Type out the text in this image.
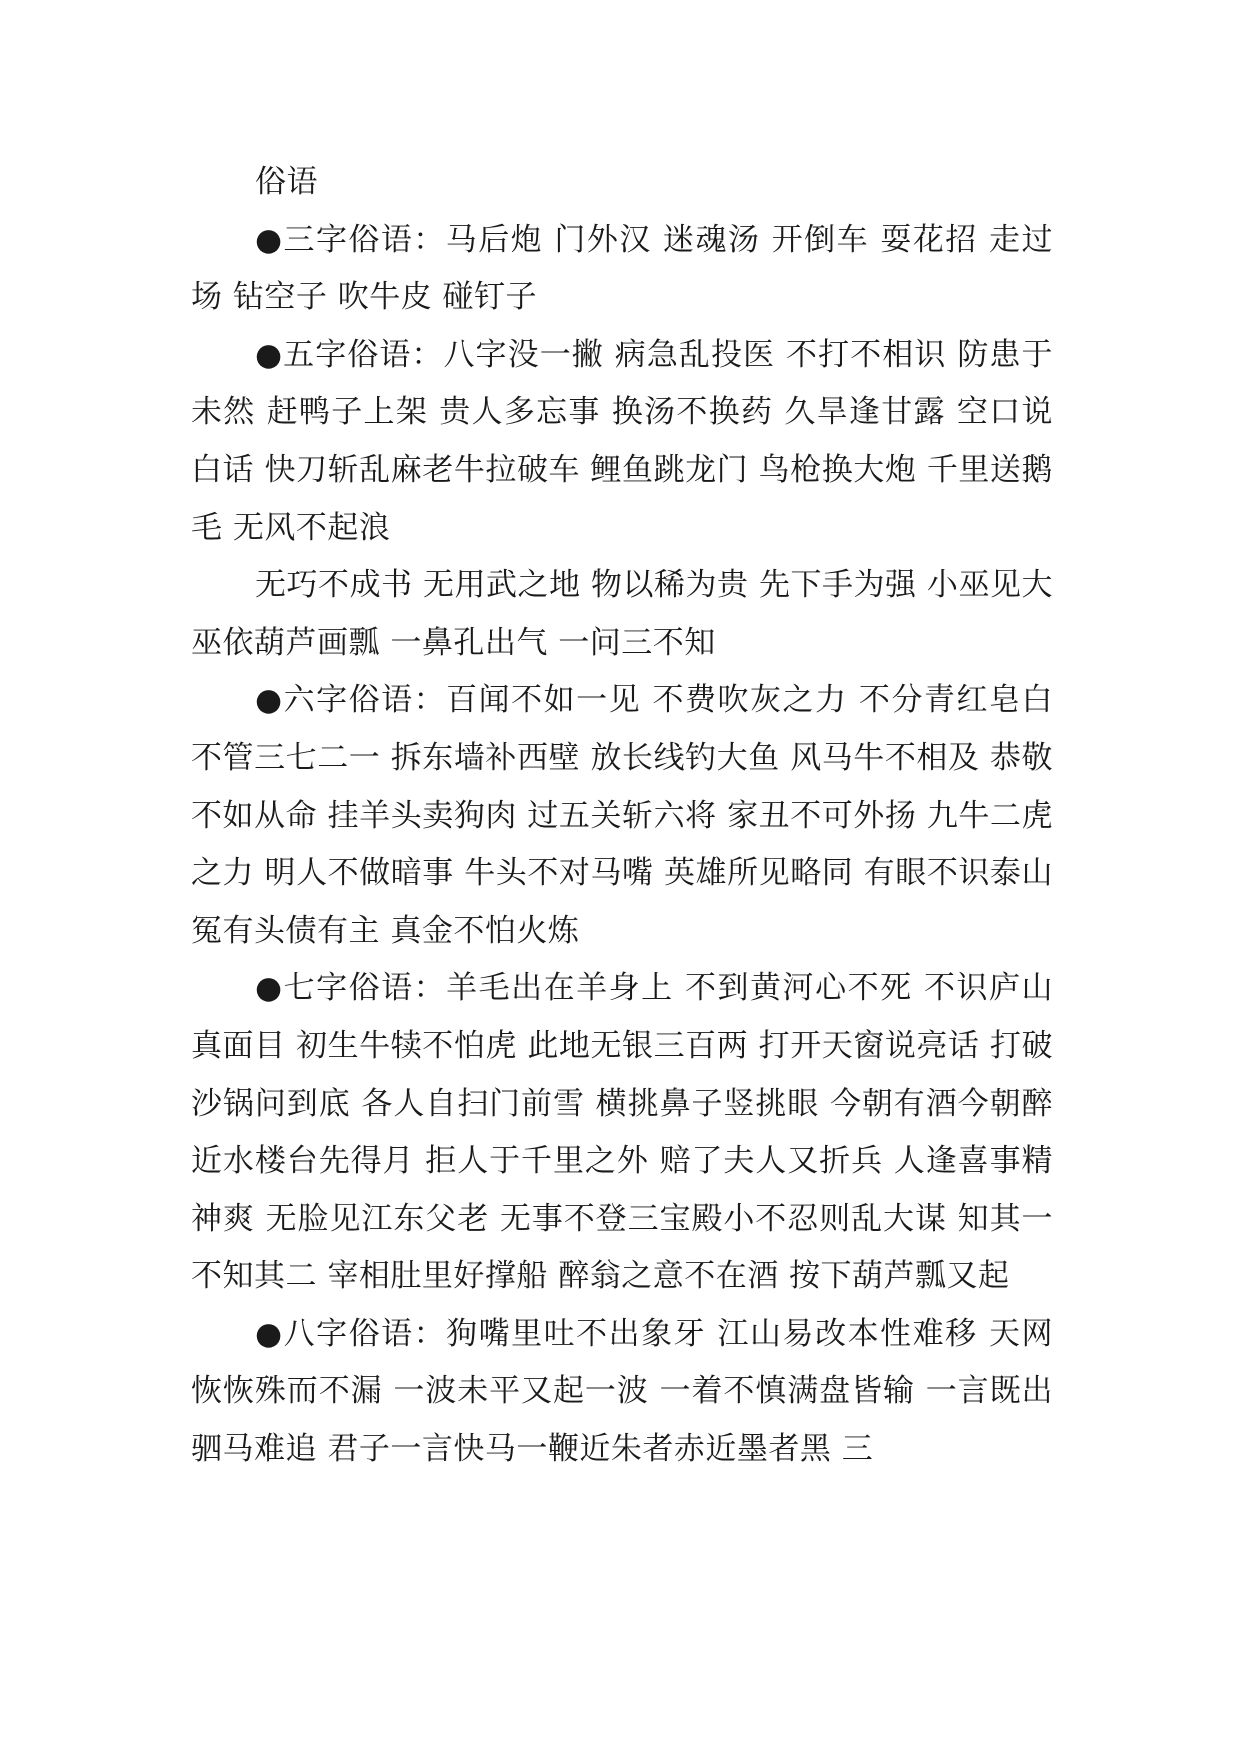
俗语

●三字俗语：马后炮 门外汉 迷魂汤 开倒车 耍花招 走过场 钻空子 吹牛皮 碰钉子

●五字俗语：八字没一撇 病急乱投医 不打不相识 防患于未然 赶鸭子上架 贵人多忘事 换汤不换药 久旱逢甘露 空口说白话 快刀斩乱麻老牛拉破车 鲤鱼跳龙门 鸟枪换大炮 千里送鹅毛 无风不起浪

无巧不成书 无用武之地 物以稀为贵 先下手为强 小巫见大巫依葫芦画瓢 一鼻孔出气 一问三不知

●六字俗语：百闻不如一见 不费吹灰之力 不分青红皂白 不管三七二一 拆东墙补西壁 放长线钓大鱼 风马牛不相及 恭敬不如从命 挂羊头卖狗肉 过五关斩六将 家丑不可外扬 九牛二虎之力 明人不做暗事 牛头不对马嘴 英雄所见略同 有眼不识泰山 冤有头债有主 真金不怕火炼

●七字俗语：羊毛出在羊身上 不到黄河心不死 不识庐山真面目 初生牛犊不怕虎 此地无银三百两 打开天窗说亮话 打破沙锅问到底 各人自扫门前雪 横挑鼻子竖挑眼 今朝有酒今朝醉近水楼台先得月 拒人于千里之外 赔了夫人又折兵 人逢喜事精神爽 无脸见江东父老 无事不登三宝殿小不忍则乱大谋 知其一不知其二 宰相肚里好撑船 醉翁之意不在酒 按下葫芦瓢又起

●八字俗语：狗嘴里吐不出象牙 江山易改本性难移 天网恢恢殊而不漏 一波未平又起一波 一着不慎满盘皆输 一言既出驷马难追 君子一言快马一鞭近朱者赤近墨者黑 三
